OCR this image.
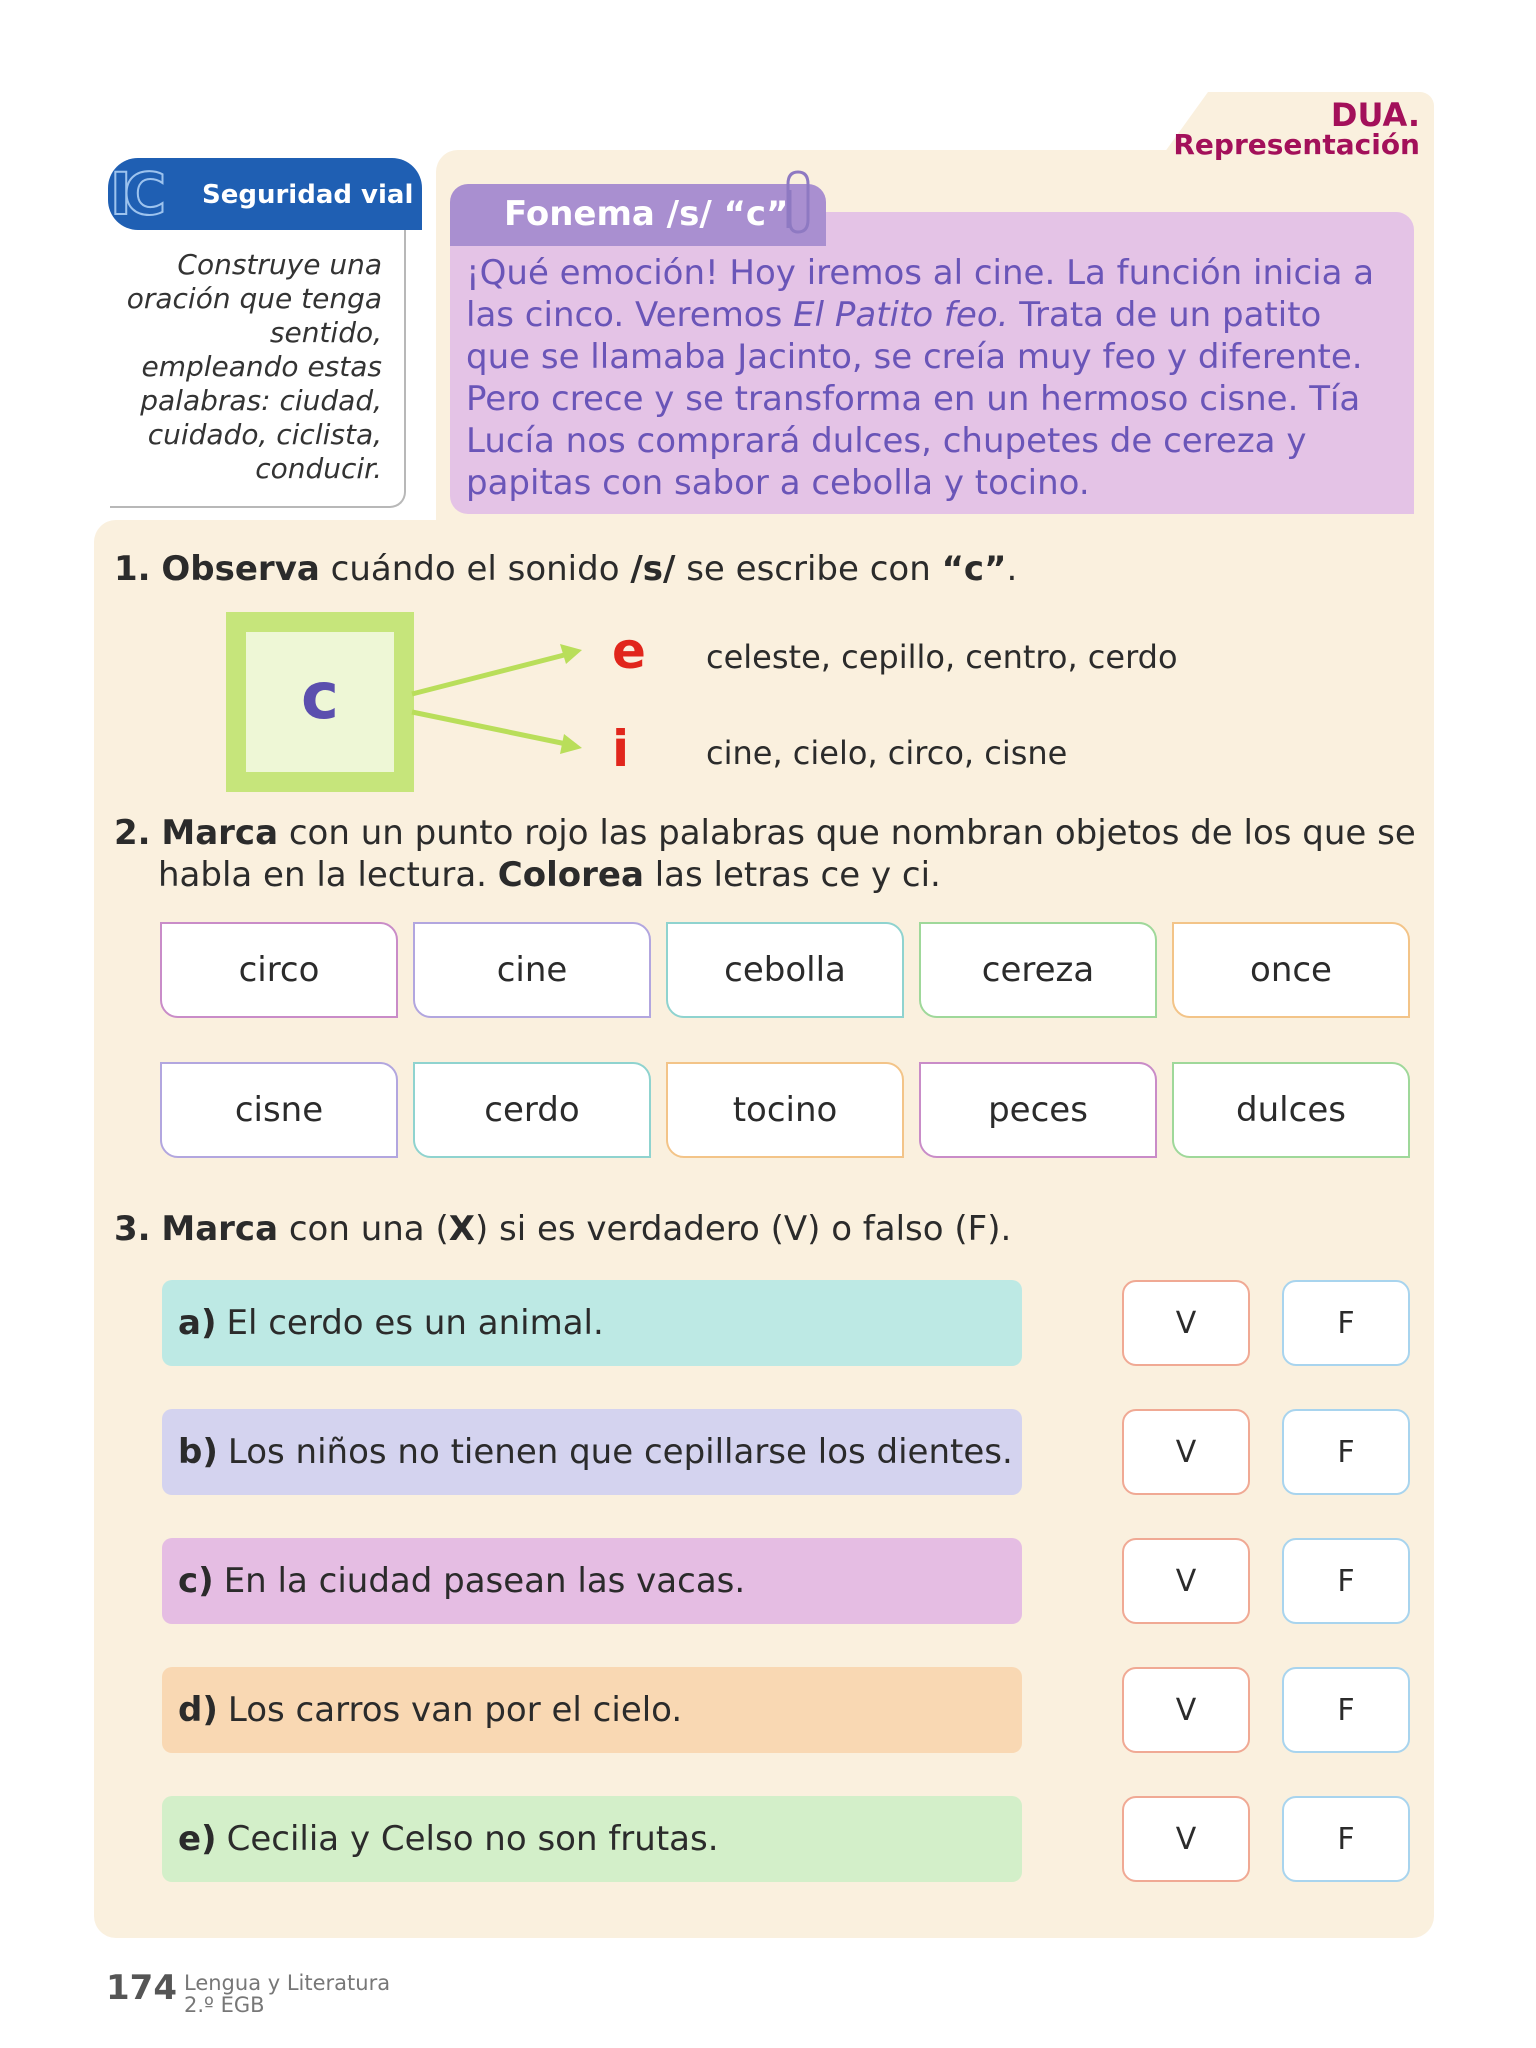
DUA.
Representación
IC Seguridad vial
Construye una
oración que tenga
sentido,
empleando estas
palabras: ciudad,
cuidado, ciclista,
conducir.
Fonema /s/ “c”
¡Qué emoción! Hoy iremos al cine. La función inicia a las cinco. Veremos El Patito feo. Trata de un patito que se llamaba Jacinto, se creía muy feo y diferente. Pero crece y se transforma en un hermoso cisne. Tía Lucía nos comprará dulces, chupetes de cereza y papitas con sabor a cebolla y tocino.
1. Observa cuándo el sonido /s/ se escribe con “c”.
c
e celeste, cepillo, centro, cerdo
i cine, cielo, circo, cisne
2. Marca con un punto rojo las palabras que nombran objetos de los que se habla en la lectura. Colorea las letras ce y ci.
circo	cine	cebolla	cereza	once
cisne	cerdo	tocino	peces	dulces
3. Marca con una (X) si es verdadero (V) o falso (F).
a) El cerdo es un animal.	V	F
b) Los niños no tienen que cepillarse los dientes.	V	F
c) En la ciudad pasean las vacas.	V	F
d) Los carros van por el cielo.	V	F
e) Cecilia y Celso no son frutas.	V	F
174 Lengua y Literatura
2.º EGB
